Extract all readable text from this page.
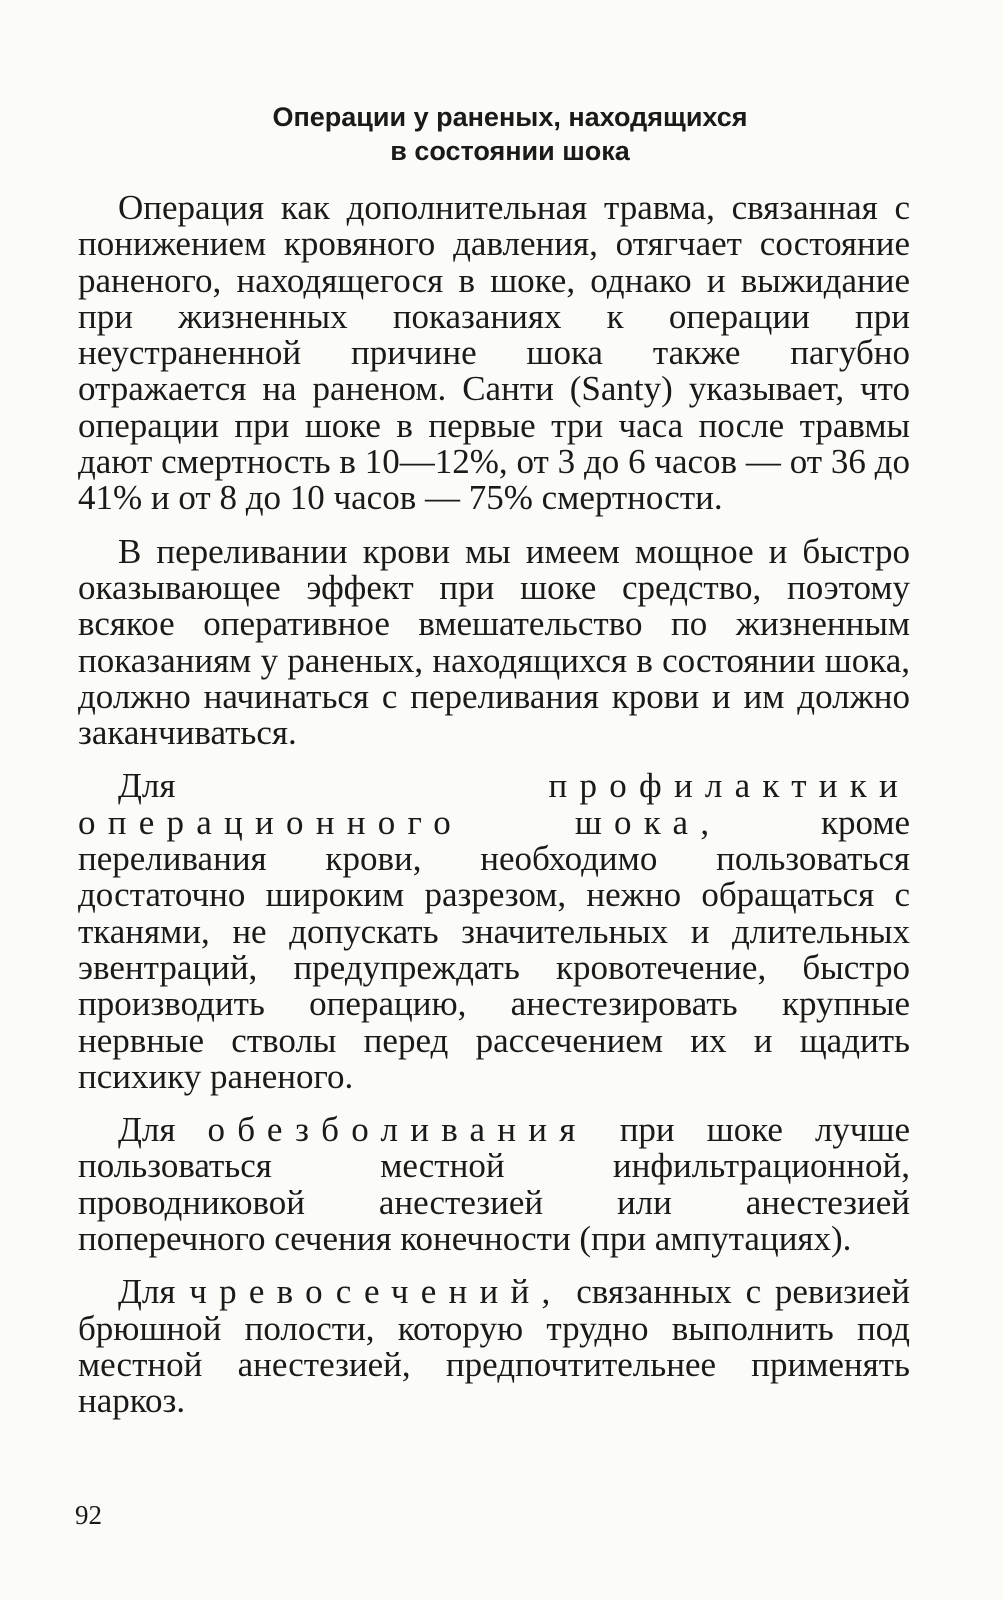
Операции у раненых, находящихся
в состоянии шока

Операция как дополнительная травма, связанная с понижением кровяного давления, отягчает состояние раненого, находящегося в шоке, однако и выжидание при жизненных показаниях к операции при неустраненной причине шока также пагубно отражается на раненом. Санти (Santy) указывает, что операции при шоке в первые три часа после травмы дают смертность в 10—12%, от 3 до 6 часов — от 36 до 41% и от 8 до 10 часов — 75% смертности.

В переливании крови мы имеем мощное и быстро оказывающее эффект при шоке средство, поэтому всякое оперативное вмешательство по жизненным показаниям у раненых, находящихся в состоянии шока, должно начинаться с переливания крови и им должно заканчиваться.

Для	профилактики операционного шока,	кроме переливания крови, необходимо пользоваться достаточно широким разрезом, нежно обращаться с тканями, не допускать значительных и длительных эвентраций, предупреждать кровотечение, быстро производить операцию, анестезировать крупные нервные стволы перед рассечением их и щадить психику раненого.

Для обезболивания при шоке лучше пользоваться местной инфильтрационной, проводниковой анестезией или анестезией поперечного сечения конечности (при ампутациях).

Для чревосечений, связанных с ревизией брюшной полости, которую трудно выполнить под местной анестезией, предпочтительнее применять наркоз.

92
